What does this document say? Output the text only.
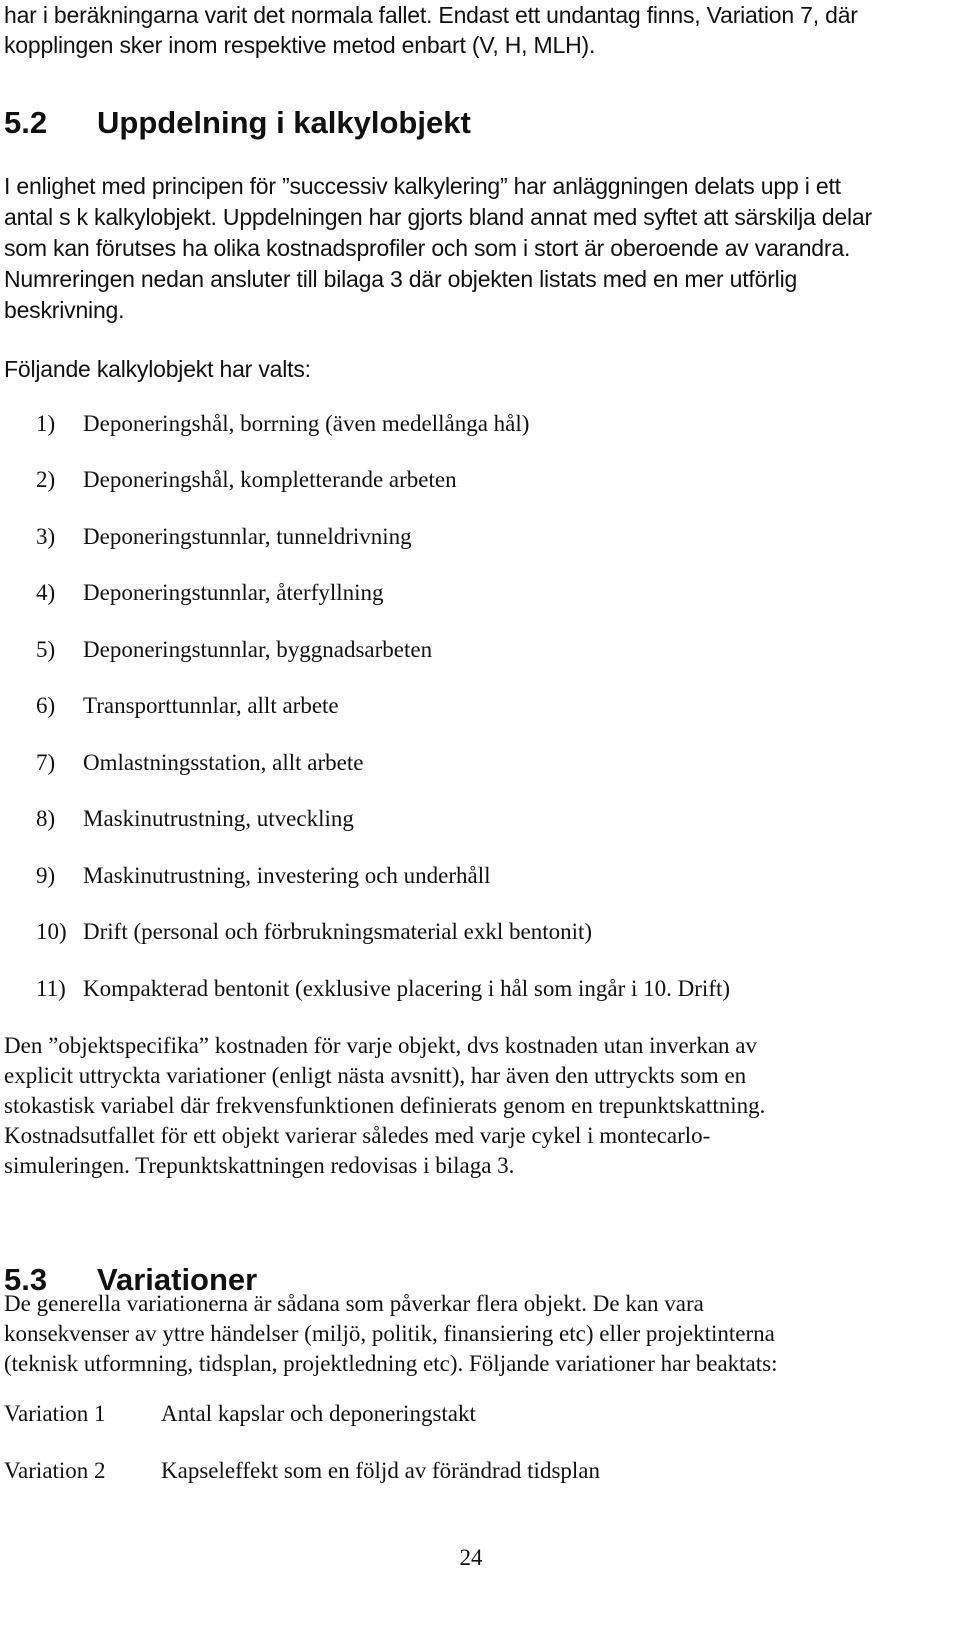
har i beräkningarna varit det normala fallet. Endast ett undantag finns, Variation 7, där
kopplingen sker inom respektive metod enbart (V, H, MLH).
5.2 Uppdelning i kalkylobjekt
I enlighet med principen för ”successiv kalkylering” har anläggningen delats upp i ett
antal s k kalkylobjekt. Uppdelningen har gjorts bland annat med syftet att särskilja delar
som kan förutses ha olika kostnadsprofiler och som i stort är oberoende av varandra.
Numreringen nedan ansluter till bilaga 3 där objekten listats med en mer utförlig
beskrivning.
Följande kalkylobjekt har valts:
1)	Deponeringshål, borrning (även medellånga hål)
2)	Deponeringshål, kompletterande arbeten
3)	Deponeringstunnlar, tunneldrivning
4)	Deponeringstunnlar, återfyllning
5)	Deponeringstunnlar, byggnadsarbeten
6)	Transporttunnlar, allt arbete
7)	Omlastningsstation, allt arbete
8)	Maskinutrustning, utveckling
9)	Maskinutrustning, investering och underhåll
10) Drift (personal och förbrukningsmaterial exkl bentonit)
11) Kompakterad bentonit (exklusive placering i hål som ingår i 10. Drift)
Den ”objektspecifika” kostnaden för varje objekt, dvs kostnaden utan inverkan av
explicit uttryckta variationer (enligt nästa avsnitt), har även den uttryckts som en
stokastisk variabel där frekvensfunktionen definierats genom en trepunktskattning.
Kostnadsutfallet för ett objekt varierar således med varje cykel i montecarlo-
simuleringen. Trepunktskattningen redovisas i bilaga 3.
5.3 Variationer
De generella variationerna är sådana som påverkar flera objekt. De kan vara
konsekvenser av yttre händelser (miljö, politik, finansiering etc) eller projektinterna
(teknisk utformning, tidsplan, projektledning etc). Följande variationer har beaktats:
Variation 1 Antal kapslar och deponeringstakt
Variation 2 Kapseleffekt som en följd av förändrad tidsplan
24
